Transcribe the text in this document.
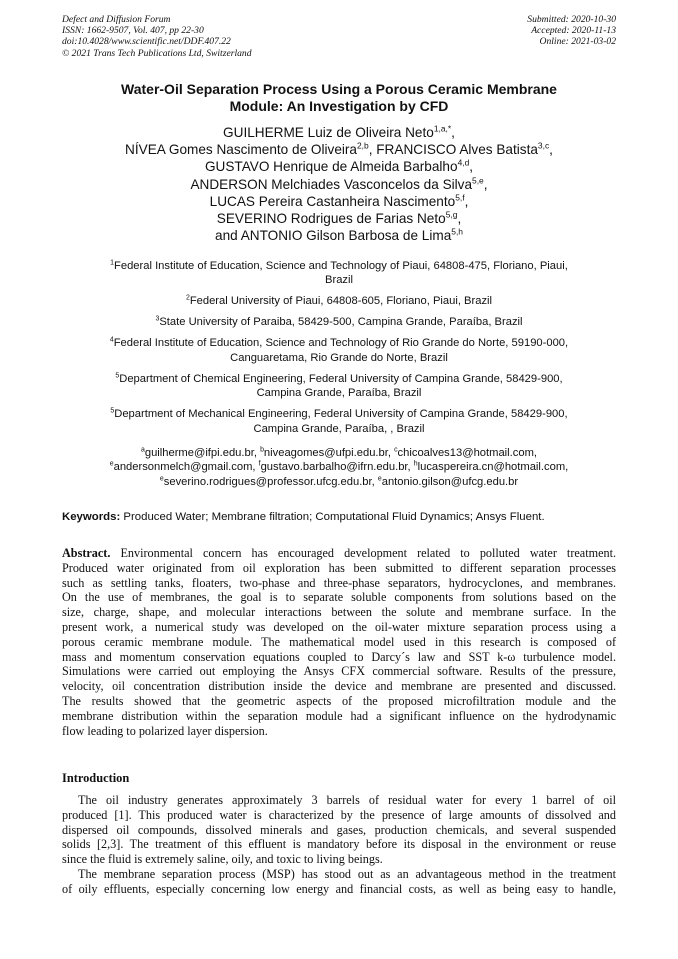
Defect and Diffusion Forum
ISSN: 1662-9507, Vol. 407, pp 22-30
doi:10.4028/www.scientific.net/DDF.407.22
© 2021 Trans Tech Publications Ltd, Switzerland
Submitted: 2020-10-30
Accepted: 2020-11-13
Online: 2021-03-02
Water-Oil Separation Process Using a Porous Ceramic Membrane
Module: An Investigation by CFD
GUILHERME Luiz de Oliveira Neto$^{1,a,*}$,
NÍVEA Gomes Nascimento de Oliveira$^{2,b}$, FRANCISCO Alves Batista$^{3,c}$,
GUSTAVO Henrique de Almeida Barbalho$^{4,d}$,
ANDERSON Melchiades Vasconcelos da Silva$^{5,e}$,
LUCAS Pereira Castanheira Nascimento$^{5,f}$,
SEVERINO Rodrigues de Farias Neto$^{5,g}$,
and ANTONIO Gilson Barbosa de Lima$^{5,h}$
$^1$Federal Institute of Education, Science and Technology of Piaui, 64808-475, Floriano, Piaui,
Brazil
$^2$Federal University of Piaui, 64808-605, Floriano, Piaui, Brazil
$^3$State University of Paraiba, 58429-500, Campina Grande, Paraíba, Brazil
$^4$Federal Institute of Education, Science and Technology of Rio Grande do Norte, 59190-000,
Canguaretama, Rio Grande do Norte, Brazil
$^5$Department of Chemical Engineering, Federal University of Campina Grande, 58429-900,
Campina Grande, Paraíba, Brazil
$^5$Department of Mechanical Engineering, Federal University of Campina Grande, 58429-900,
Campina Grande, Paraíba, , Brazil
$^a$guilherme@ifpi.edu.br, $^b$niveagomes@ufpi.edu.br, $^c$chicoalves13@hotmail.com,
$^e$andersonmelch@gmail.com, $^f$gustavo.barbalho@ifrn.edu.br, $^h$lucaspereira.cn@hotmail.com,
$^e$severino.rodrigues@professor.ufcg.edu.br, $^e$antonio.gilson@ufcg.edu.br
Keywords: Produced Water; Membrane filtration; Computational Fluid Dynamics; Ansys Fluent.
Abstract. Environmental concern has encouraged development related to polluted water treatment.
Produced water originated from oil exploration has been submitted to different separation processes
such as settling tanks, floaters, two-phase and three-phase separators, hydrocyclones, and membranes.
On the use of membranes, the goal is to separate soluble components from solutions based on the
size, charge, shape, and molecular interactions between the solute and membrane surface. In the
present work, a numerical study was developed on the oil-water mixture separation process using a
porous ceramic membrane module. The mathematical model used in this research is composed of
mass and momentum conservation equations coupled to Darcy´s law and SST k-ω turbulence model.
Simulations were carried out employing the Ansys CFX commercial software. Results of the pressure,
velocity, oil concentration distribution inside the device and membrane are presented and discussed.
The results showed that the geometric aspects of the proposed microfiltration module and the
membrane distribution within the separation module had a significant influence on the hydrodynamic
flow leading to polarized layer dispersion.
Introduction
The oil industry generates approximately 3 barrels of residual water for every 1 barrel of oil
produced [1]. This produced water is characterized by the presence of large amounts of dissolved and
dispersed oil compounds, dissolved minerals and gases, production chemicals, and several suspended
solids [2,3]. The treatment of this effluent is mandatory before its disposal in the environment or reuse
since the fluid is extremely saline, oily, and toxic to living beings.
The membrane separation process (MSP) has stood out as an advantageous method in the treatment
of oily effluents, especially concerning low energy and financial costs, as well as being easy to handle,
